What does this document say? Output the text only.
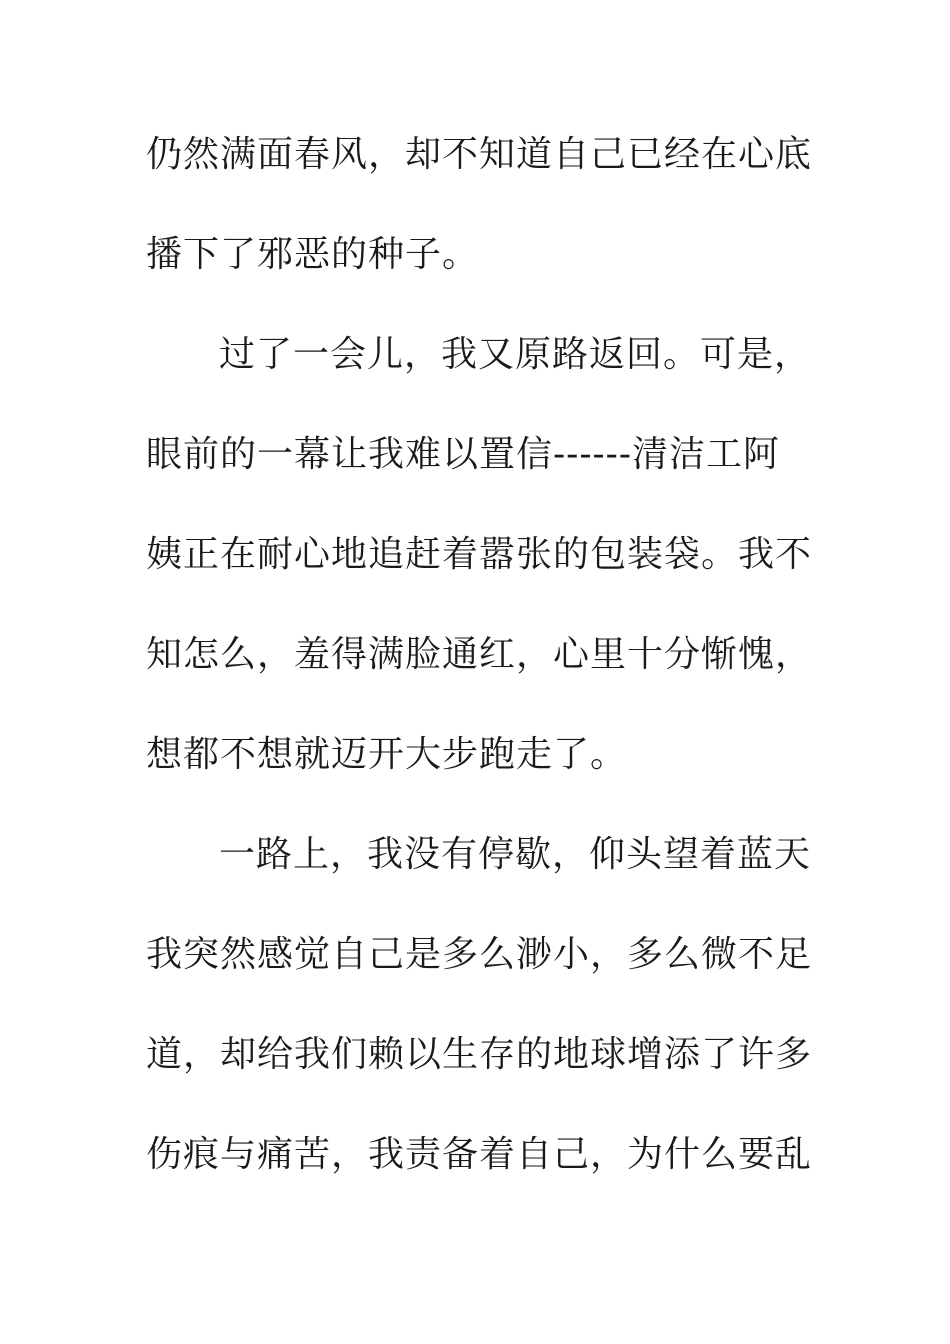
仍然满面春风，却不知道自己已经在心底
播下了邪恶的种子。
过了一会儿，我又原路返回。可是，
眼前的一幕让我难以置信------清洁工阿
姨正在耐心地追赶着嚣张的包装袋。我不
知怎么，羞得满脸通红，心里十分惭愧，
想都不想就迈开大步跑走了。
一路上，我没有停歇，仰头望着蓝天
我突然感觉自己是多么渺小，多么微不足
道，却给我们赖以生存的地球增添了许多
伤痕与痛苦，我责备着自己，为什么要乱
